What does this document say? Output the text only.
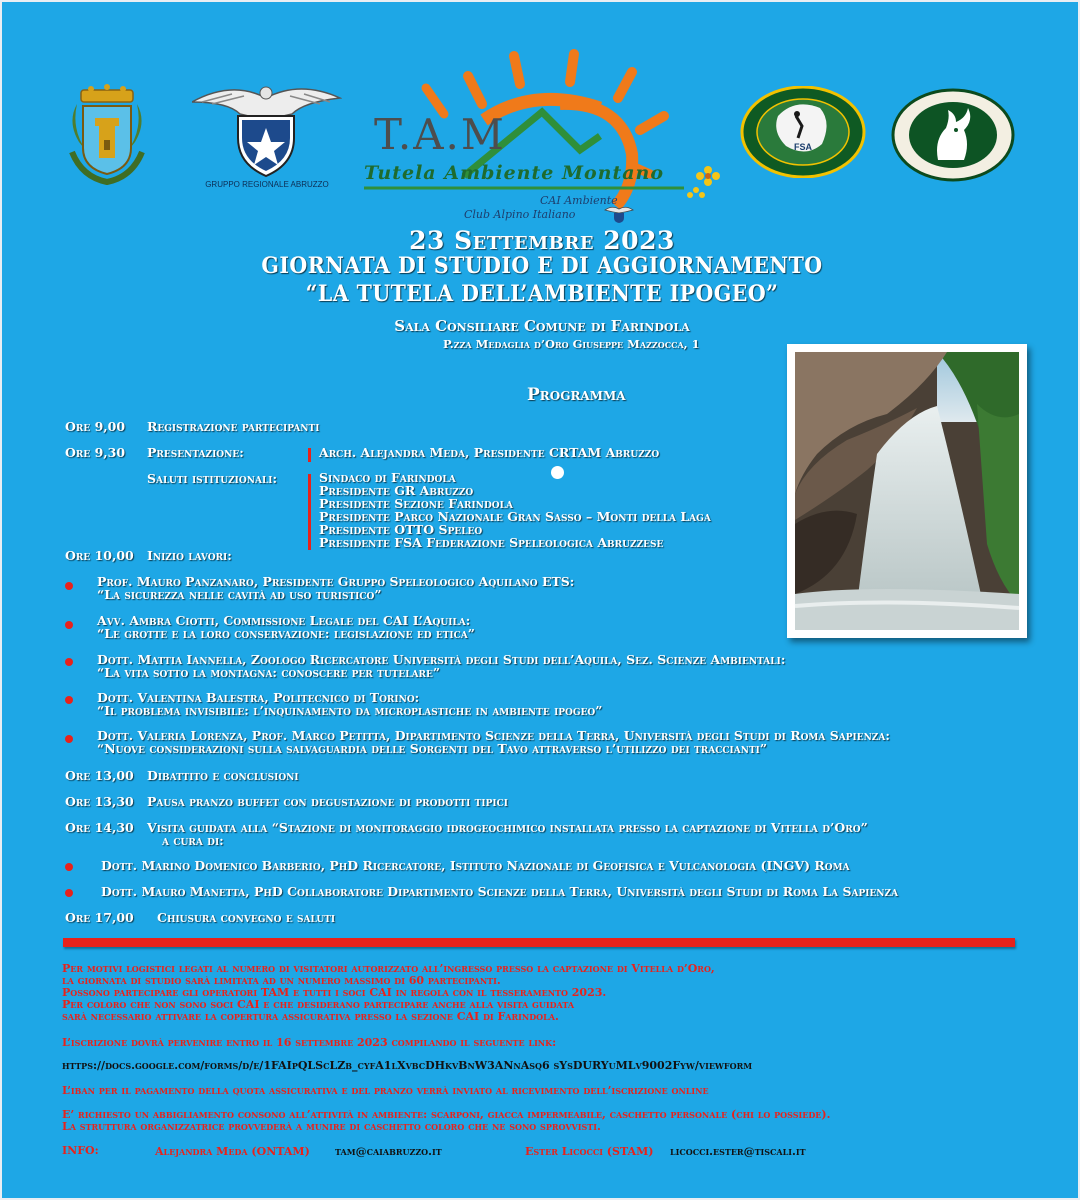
GRUPPO REGIONALE ABRUZZO
T.A.M
Tutela Ambiente Montano
CAI Ambiente
Club Alpino Italiano
FSA
23 Settembre 2023
GIORNATA DI STUDIO E DI AGGIORNAMENTO
“LA TUTELA DELL’AMBIENTE IPOGEO”
Sala Consiliare Comune di Farindola
P.zza Medaglia d’Oro Giuseppe Mazzocca, 1
Programma
Ore 9,00 Registrazione partecipanti
Ore 9,30 Presentazione:	Arch. Alejandra Meda, Presidente CRTAM Abruzzo
Saluti istituzionali:	Sindaco di Farindola
Presidente GR Abruzzo
Presidente Sezione Farindola
Presidente Parco Nazionale Gran Sasso – Monti della Laga
Presidente OTTO Speleo
Presidente FSA Federazione Speleologica Abruzzese
Ore 10,00 Inizio lavori:
Prof. Mauro Panzanaro, Presidente Gruppo Speleologico Aquilano ETS:
“La sicurezza nelle cavità ad uso turistico”
Avv. Ambra Ciotti, Commissione Legale del CAI L’Aquila:
“Le grotte e la loro conservazione: legislazione ed etica”
Dott. Mattia Iannella, Zoologo Ricercatore Università degli Studi dell’Aquila, Sez. Scienze Ambientali:
“La vita sotto la montagna: conoscere per tutelare”
Dott. Valentina Balestra, Politecnico di Torino:
“Il problema invisibile: l’inquinamento da microplastiche in ambiente ipogeo”
Dott. Valeria Lorenza, Prof. Marco Petitta, Dipartimento Scienze della Terra, Università degli Studi di Roma Sapienza:
“Nuove considerazioni sulla salvaguardia delle Sorgenti del Tavo attraverso l’utilizzo dei traccianti”
Ore 13,00 Dibattito e conclusioni
Ore 13,30 Pausa pranzo buffet con degustazione di prodotti tipici
Ore 14,30 Visita guidata alla “Stazione di monitoraggio idrogeochimico installata presso la captazione di Vitella d’Oro”
a cura di:
Dott. Marino Domenico Barberio, PhD Ricercatore, Istituto Nazionale di Geofisica e Vulcanologia (INGV) Roma
Dott. Mauro Manetta, PhD Collaboratore Dipartimento Scienze della Terra, Università degli Studi di Roma La Sapienza
Ore 17,00 Chiusura convegno e saluti
Per motivi logistici legati al numero di visitatori autorizzato all’ingresso presso la captazione di Vitella d’Oro,
la giornata di studio sarà limitata ad un numero massimo di 60 partecipanti.
Possono partecipare gli operatori TAM e tutti i soci CAI in regola con il tesseramento 2023.
Per coloro che non sono soci CAI e che desiderano partecipare anche alla visita guidata
sarà necessario attivare la copertura assicurativa presso la sezione CAI di Farindola.
L’iscrizione dovrà pervenire entro il 16 settembre 2023 compilando il seguente link:
https://docs.google.com/forms/d/e/1FAIpQLScLZb_cyfA1lXvbcDHkvBnW3ANnAsq6 sYsDURYuMLv9002Fyw/viewform
L’iban per il pagamento della quota assicurativa e del pranzo verrà inviato al ricevimento dell’iscrizione online
E’ richiesto un abbigliamento consono all’attività in ambiente: scarponi, giacca impermeabile, caschetto personale (chi lo possiede).
La struttura organizzatrice provvederà a munire di caschetto coloro che ne sono sprovvisti.
INFO:	Alejandra Meda (ONTAM) tam@caiabruzzo.it	Ester Licocci (STAM) licocci.ester@tiscali.it
